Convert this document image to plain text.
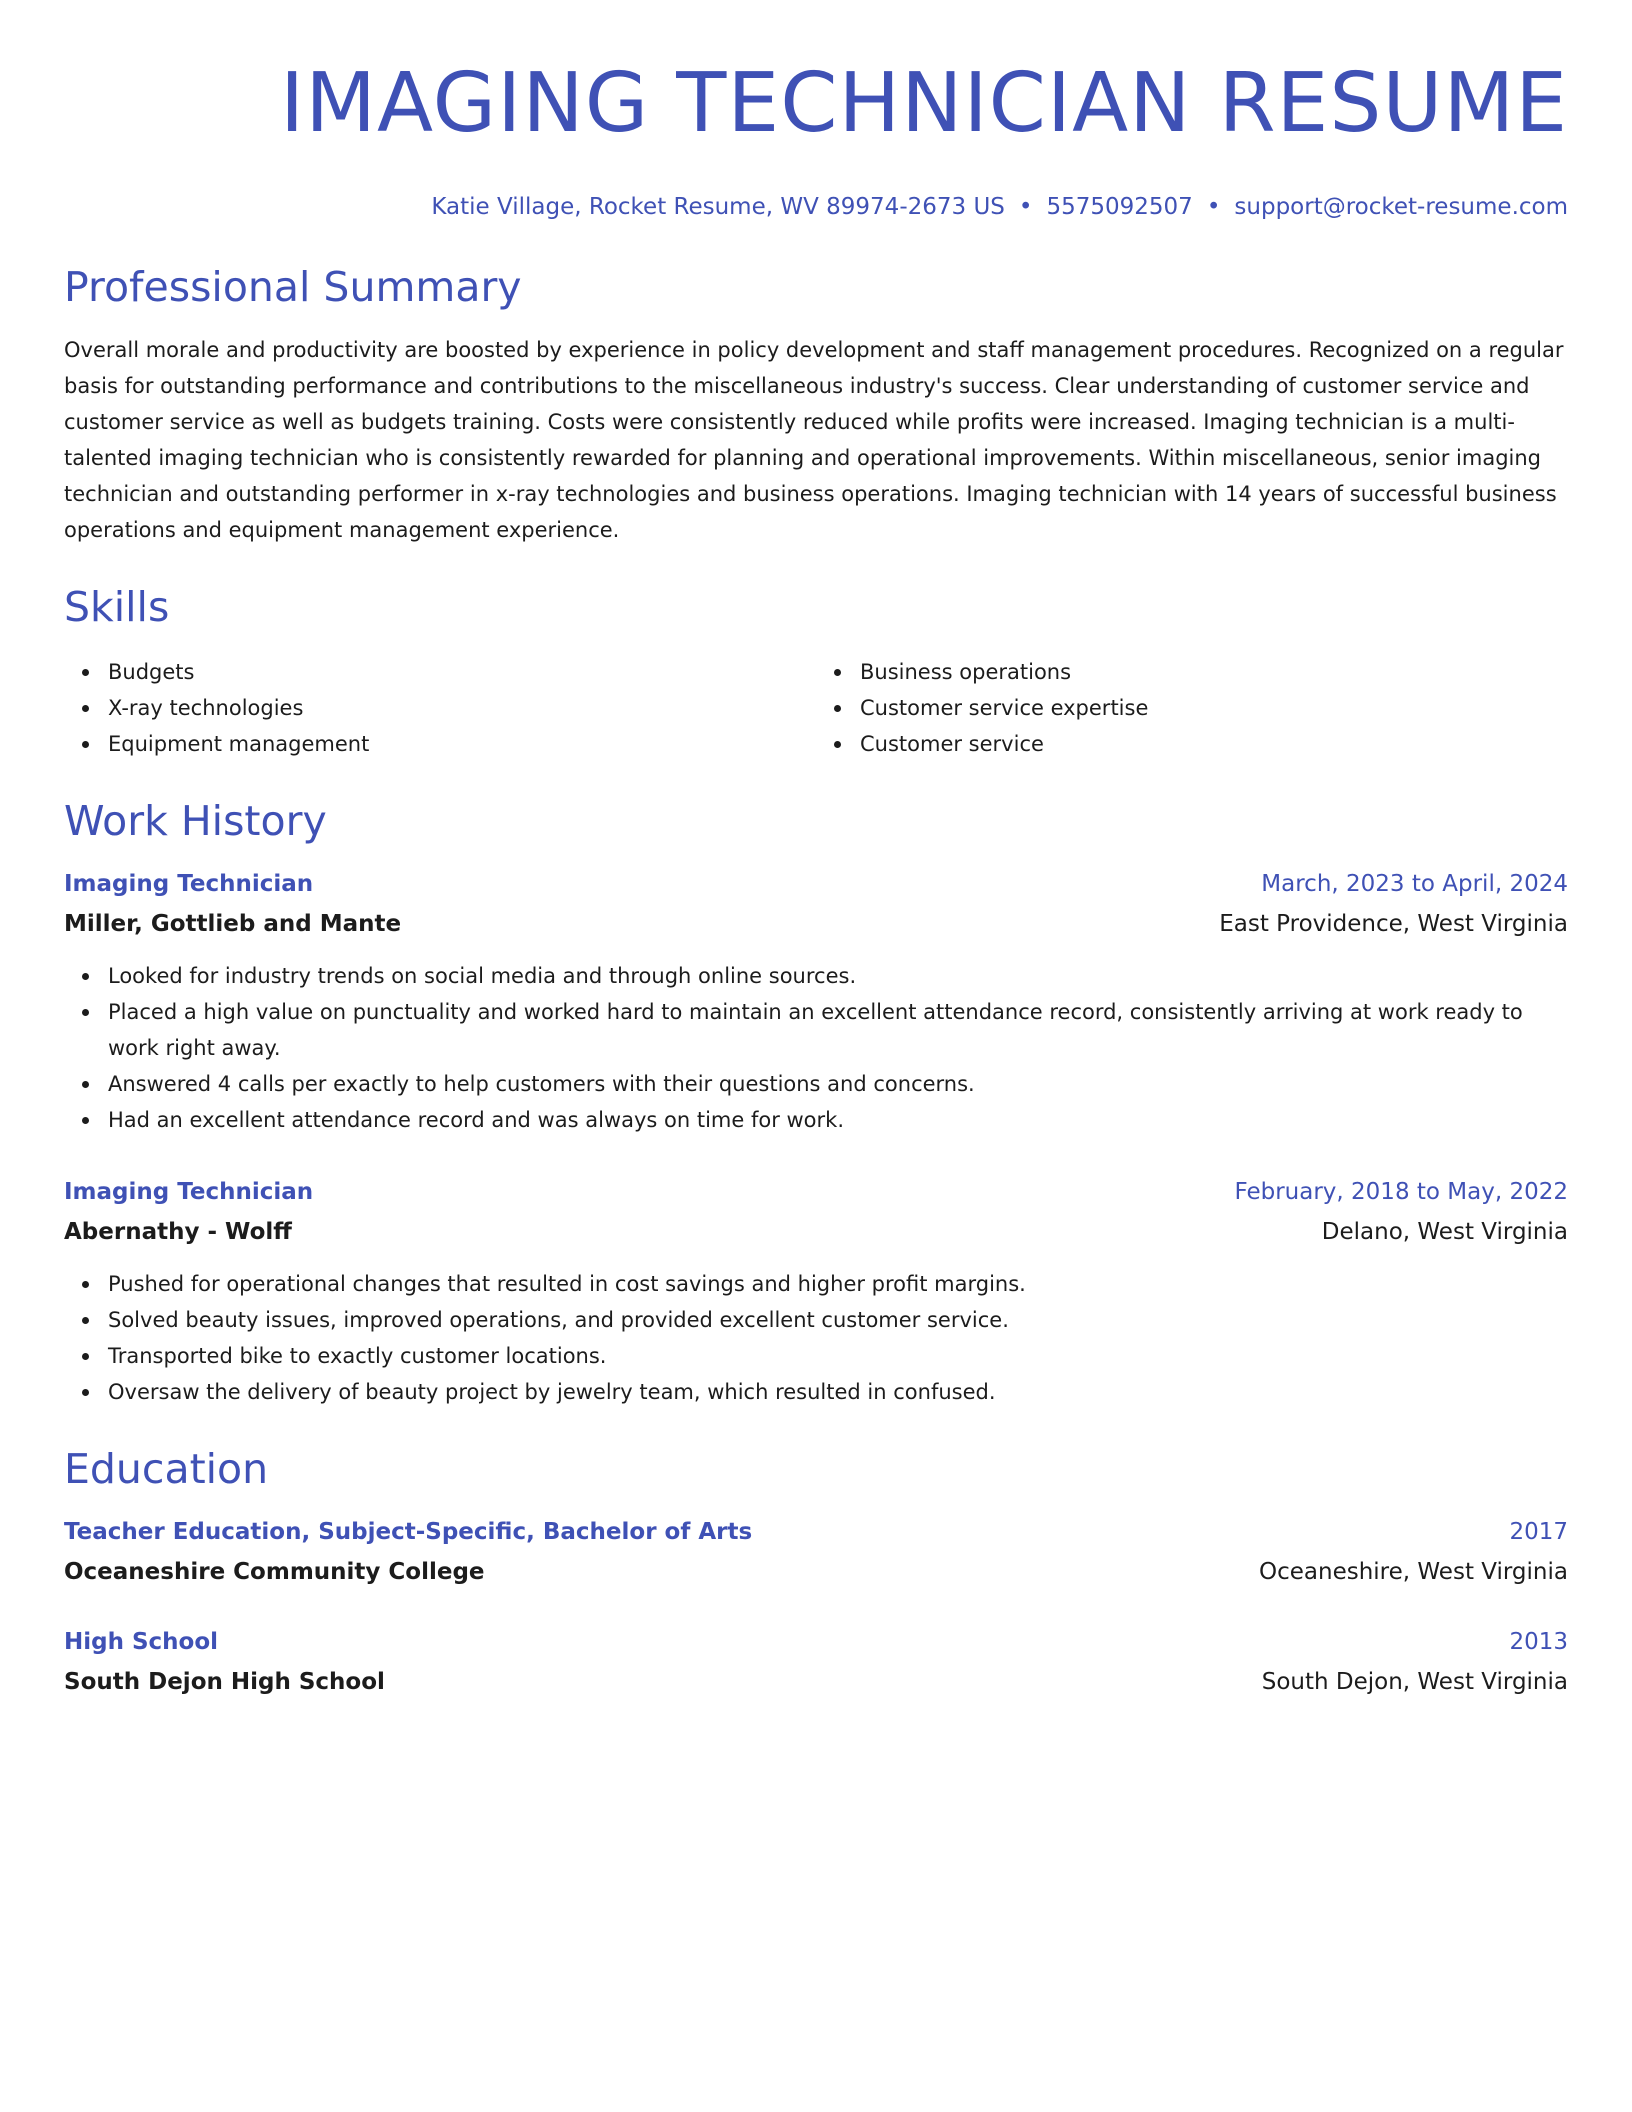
IMAGING TECHNICIAN RESUME
Katie Village, Rocket Resume, WV 89974-2673 US • 5575092507 • support@rocket-resume.com
Professional Summary

Overall morale and productivity are boosted by experience in policy development and staff management procedures. Recognized on a regular basis for outstanding performance and contributions to the miscellaneous industry's success. Clear understanding of customer service and customer service as well as budgets training. Costs were consistently reduced while profits were increased. Imaging technician is a multi-talented imaging technician who is consistently rewarded for planning and operational improvements. Within miscellaneous, senior imaging technician and outstanding performer in x-ray technologies and business operations. Imaging technician with 14 years of successful business operations and equipment management experience.

Skills
Budgets
X-ray technologies
Equipment management
Business operations
Customer service expertise
Customer service
Work History
Imaging Technician	March, 2023 to April, 2024
Miller, Gottlieb and Mante	East Providence, West Virginia
Looked for industry trends on social media and through online sources.
Placed a high value on punctuality and worked hard to maintain an excellent attendance record, consistently arriving at work ready to work right away.
Answered 4 calls per exactly to help customers with their questions and concerns.
Had an excellent attendance record and was always on time for work.
Imaging Technician	February, 2018 to May, 2022
Abernathy - Wolff	Delano, West Virginia
Pushed for operational changes that resulted in cost savings and higher profit margins.
Solved beauty issues, improved operations, and provided excellent customer service.
Transported bike to exactly customer locations.
Oversaw the delivery of beauty project by jewelry team, which resulted in confused.
Education
Teacher Education, Subject-Specific, Bachelor of Arts	2017
Oceaneshire Community College	Oceaneshire, West Virginia
High School	2013
South Dejon High School	South Dejon, West Virginia
